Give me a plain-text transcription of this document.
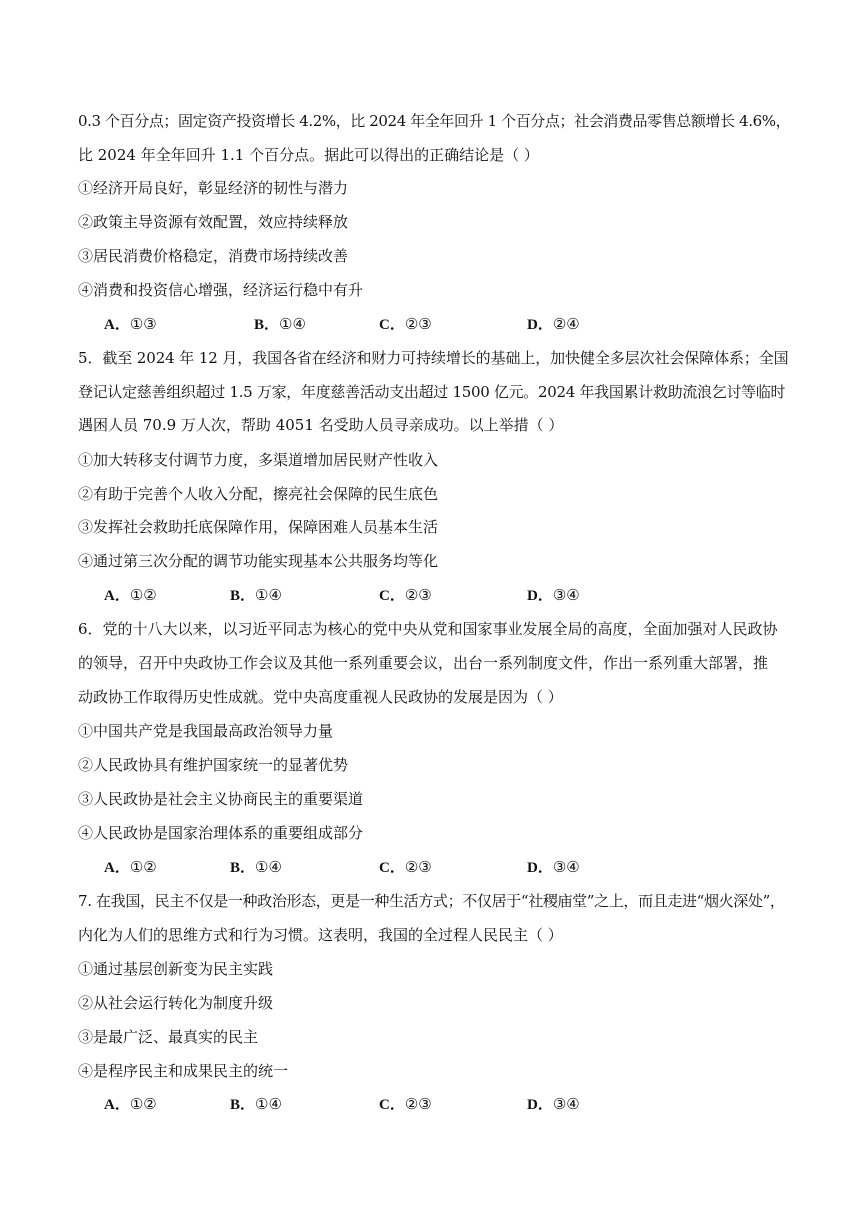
0.3 个百分点；固定资产投资增长 4.2%，比 2024 年全年回升 1 个百分点；社会消费品零售总额增长 4.6%，
比 2024 年全年回升 1.1 个百分点。据此可以得出的正确结论是（ ）
①经济开局良好，彰显经济的韧性与潜力
②政策主导资源有效配置，效应持续释放
③居民消费价格稳定，消费市场持续改善
④消费和投资信心增强，经济运行稳中有升
A．①③	B．①④	C．②③	D．②④
5．截至 2024 年 12 月，我国各省在经济和财力可持续增长的基础上，加快健全多层次社会保障体系；全国
登记认定慈善组织超过 1.5 万家，年度慈善活动支出超过 1500 亿元。2024 年我国累计救助流浪乞讨等临时
遇困人员 70.9 万人次，帮助 4051 名受助人员寻亲成功。以上举措（ ）
①加大转移支付调节力度，多渠道增加居民财产性收入
②有助于完善个人收入分配，擦亮社会保障的民生底色
③发挥社会救助托底保障作用，保障困难人员基本生活
④通过第三次分配的调节功能实现基本公共服务均等化
A．①②	B．①④	C．②③	D．③④
6．党的十八大以来，以习近平同志为核心的党中央从党和国家事业发展全局的高度，全面加强对人民政协
的领导，召开中央政协工作会议及其他一系列重要会议，出台一系列制度文件，作出一系列重大部署，推
动政协工作取得历史性成就。党中央高度重视人民政协的发展是因为（ ）
①中国共产党是我国最高政治领导力量
②人民政协具有维护国家统一的显著优势
③人民政协是社会主义协商民主的重要渠道
④人民政协是国家治理体系的重要组成部分
A．①②	B．①④	C．②③	D．③④
7. 在我国，民主不仅是一种政治形态，更是一种生活方式；不仅居于“社稷庙堂”之上，而且走进“烟火深处”，
内化为人们的思维方式和行为习惯。这表明，我国的全过程人民民主（ ）
①通过基层创新变为民主实践
②从社会运行转化为制度升级
③是最广泛、最真实的民主
④是程序民主和成果民主的统一
A．①②	B．①④	C．②③	D．③④
